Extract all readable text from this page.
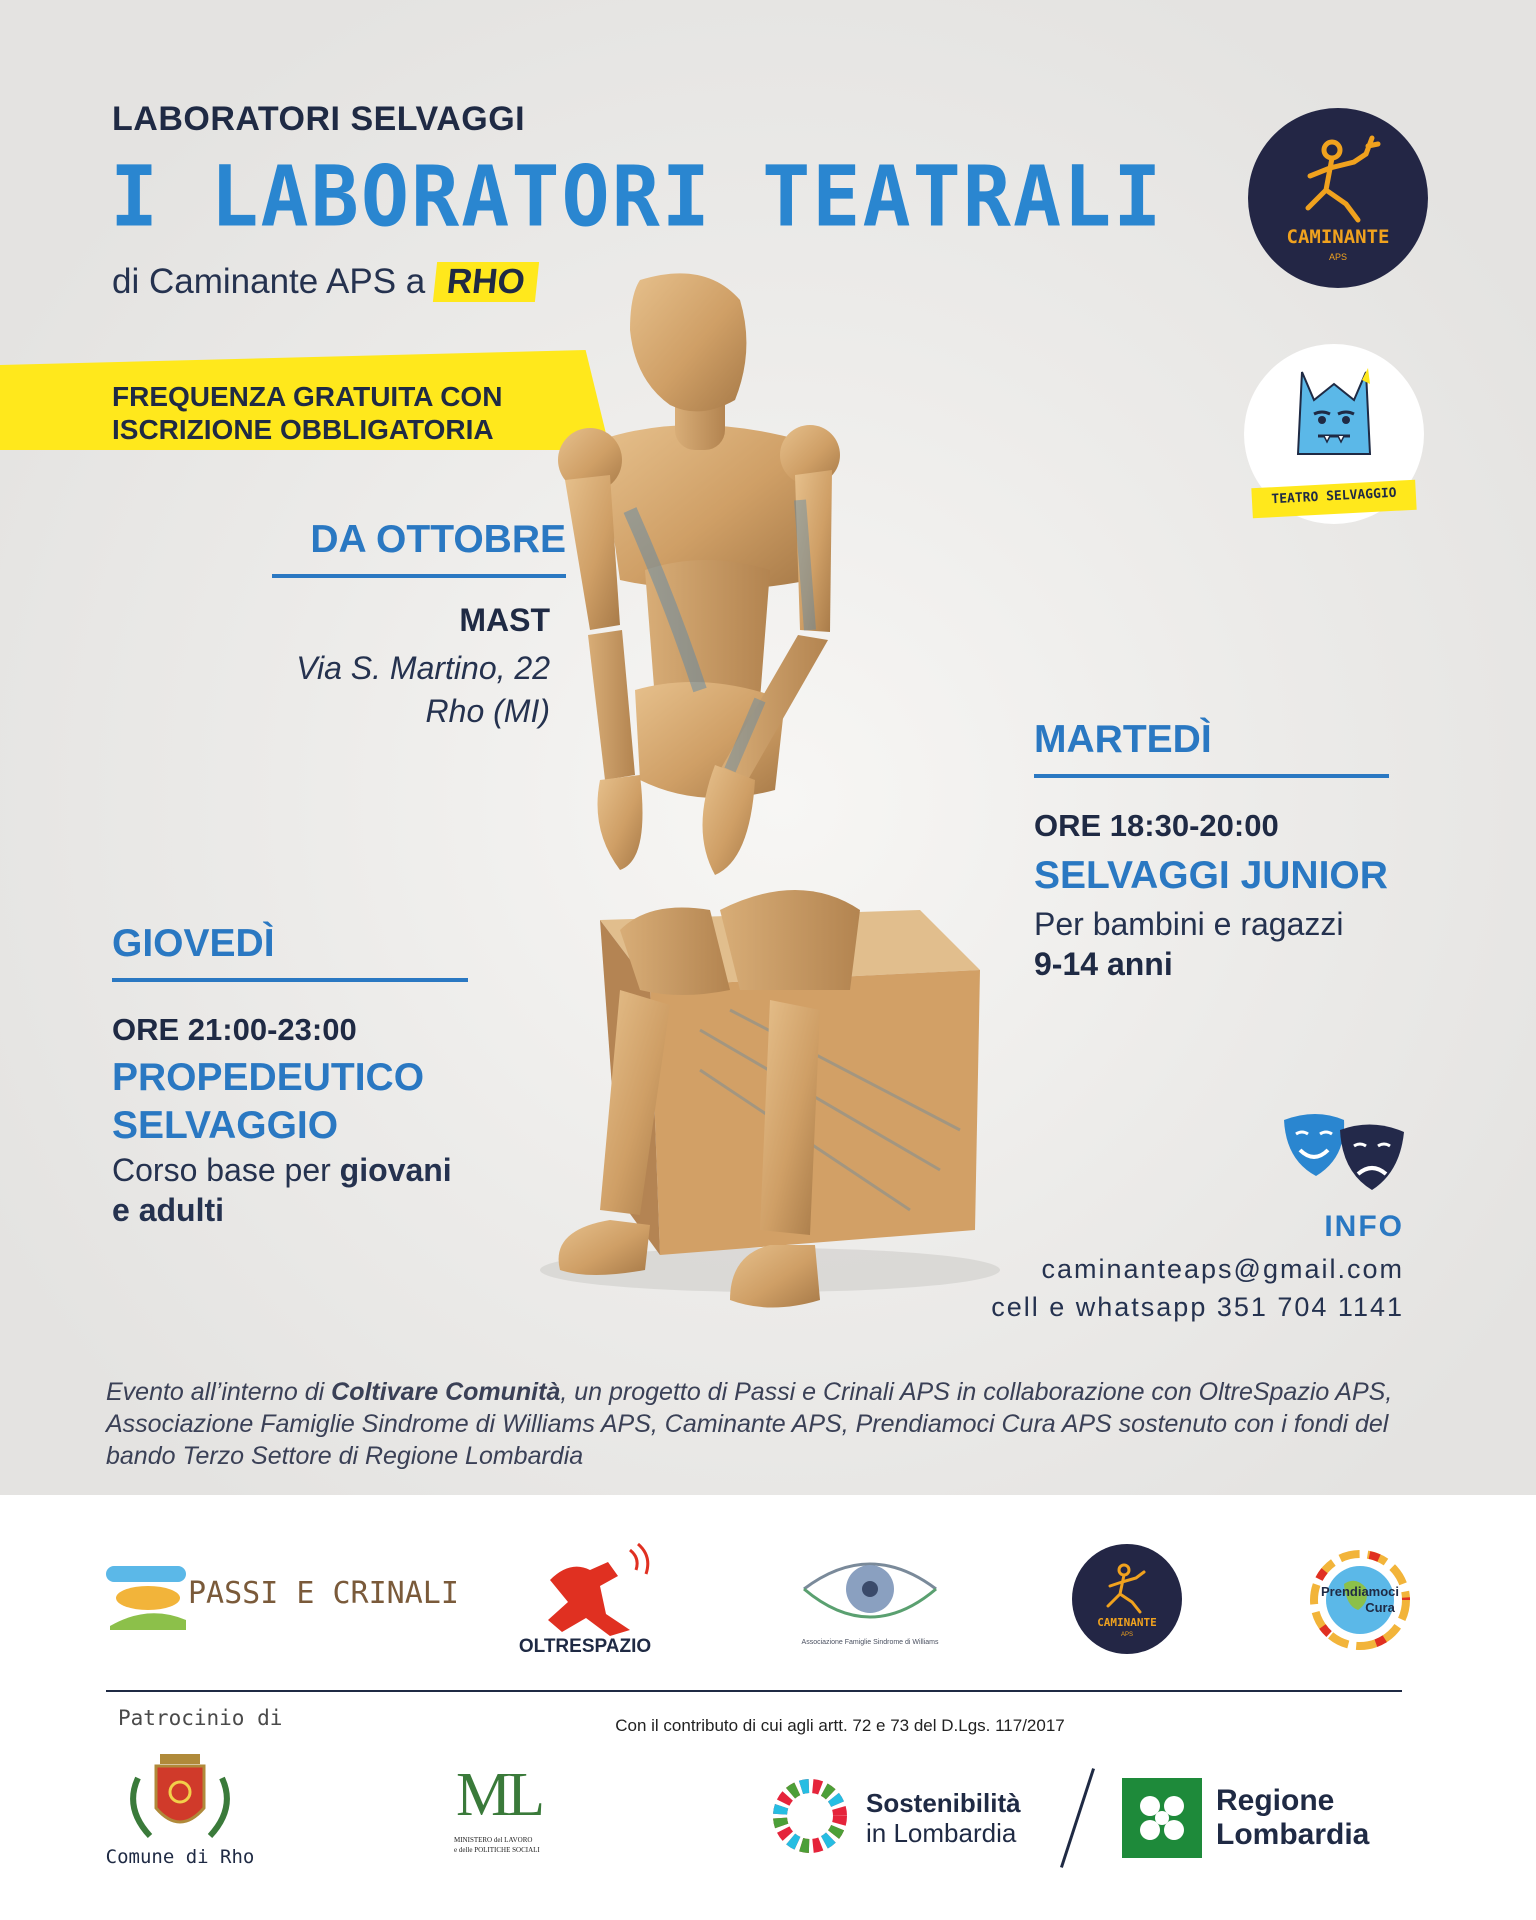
LABORATORI SELVAGGI
I LABORATORI TEATRALI
di Caminante APS a RHO
FREQUENZA GRATUITA CON
ISCRIZIONE OBBLIGATORIA
CAMINANTE
APS
TEATRO SELVAGGIO
DA OTTOBRE
MAST
Via S. Martino, 22
Rho (MI)
MARTEDÌ
ORE 18:30-20:00
SELVAGGI JUNIOR
Per bambini e ragazzi
9-14 anni
GIOVEDÌ
ORE 21:00-23:00
PROPEDEUTICO
SELVAGGIO
Corso base per giovani
e adulti	INFO
caminanteaps@gmail.com
cell e whatsapp 351 704 1141
Evento all’interno di Coltivare Comunità, un progetto di Passi e Crinali APS in collaborazione con OltreSpazio APS, Associazione Famiglie Sindrome di Williams APS, Caminante APS, Prendiamoci Cura APS sostenuto con i fondi del bando Terzo Settore di Regione Lombardia
PASSI E CRINALI
OLTRESPAZIO	Associazione Famiglie Sindrome di Williams
CAMINANTE
APS
Prendiamoci
Cura
Patrocinio di	Con il contributo di cui agli artt. 72 e 73 del D.Lgs. 117/2017
Comune di Rho
ML
MINISTERO del LAVORO
e delle POLITICHE SOCIALI
Sostenibilità
in Lombardia
Regione
Lombardia
